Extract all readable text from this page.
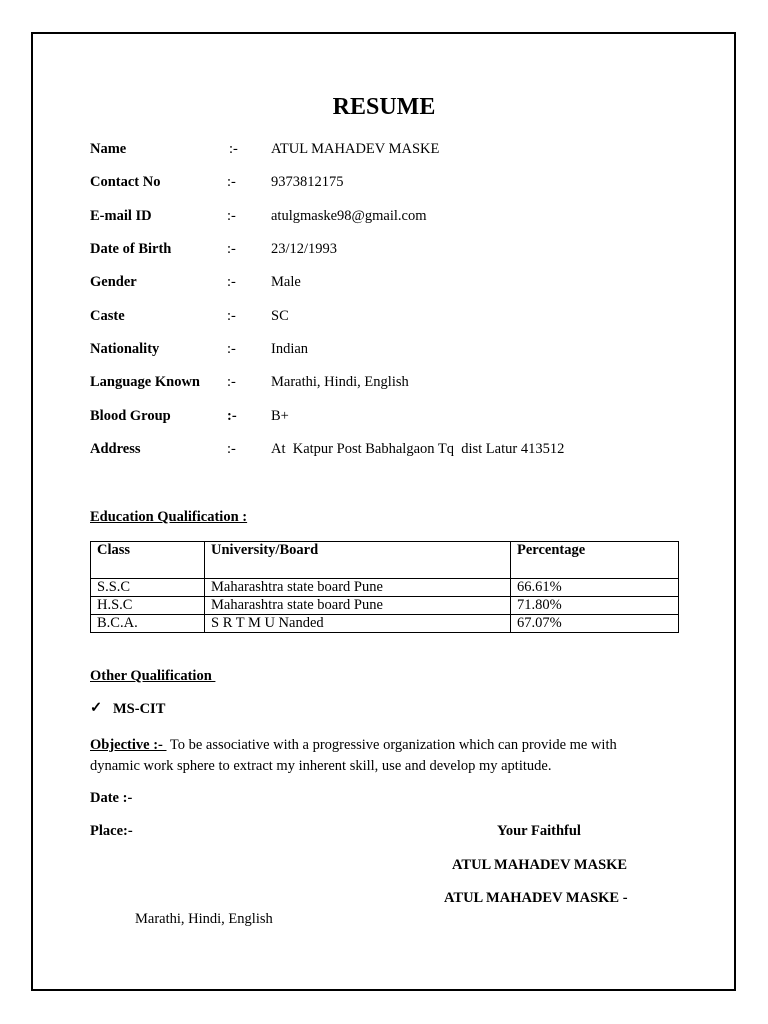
RESUME
Name	:- ATUL MAHADEV MASKE
Contact No	:- 9373812175
E-mail ID	:- atulgmaske98@gmail.com
Date of Birth	:- 23/12/1993
Gender	:- Male
Caste	:- SC
Nationality	:- Indian
Language Known :- Marathi, Hindi, English
Blood Group	:- B+
Address	:- At  Katpur Post Babhalgaon Tq  dist Latur 413512
Education Qualification :
Class	University/Board	Percentage
S.S.C	Maharashtra state board Pune	66.61%
H.S.C	Maharashtra state board Pune	71.80%
B.C.A.	S R T M U Nanded	67.07%
Other Qualification
✓ MS-CIT
Objective :-  To be associative with a progressive organization which can provide me with dynamic work sphere to extract my inherent skill, use and develop my aptitude.
Date :-
Place:-	Your Faithful
ATUL MAHADEV MASKE
ATUL MAHADEV MASKE -
Marathi, Hindi, English
